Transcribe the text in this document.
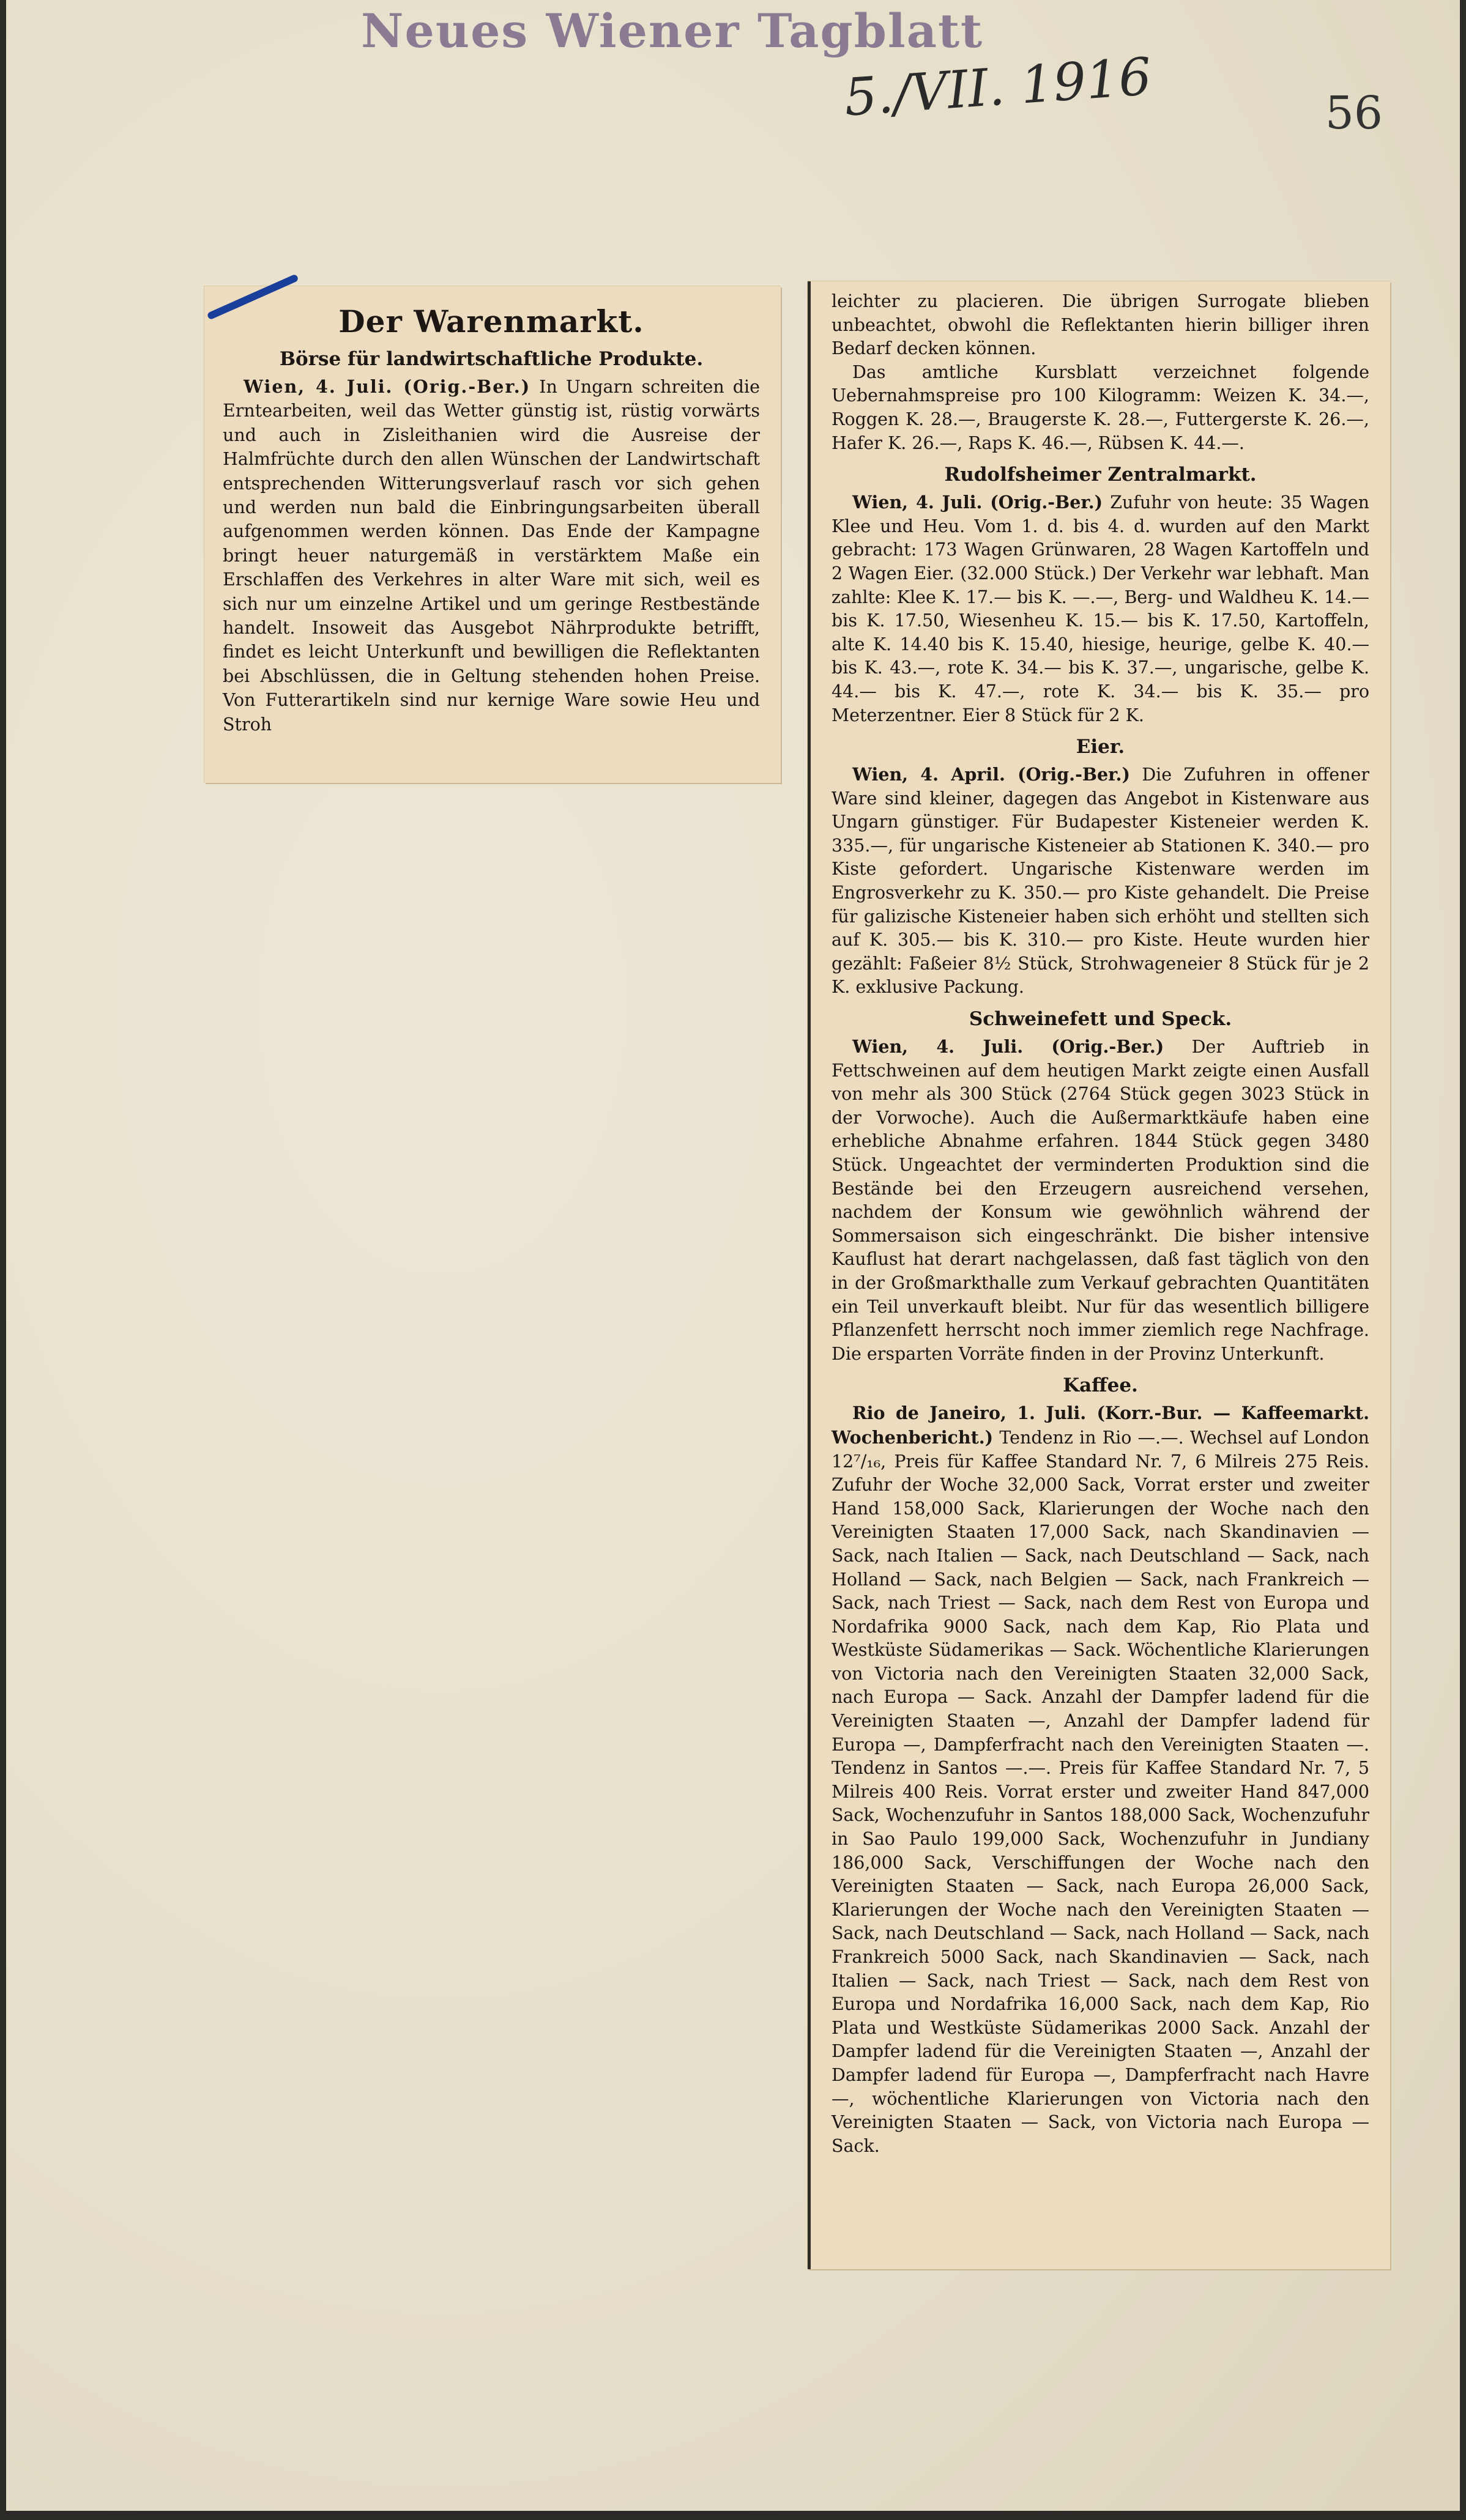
Neues Wiener Tagblatt
5./VII. 1916	56
Der Warenmarkt.
Börse für landwirtschaftliche Produkte.

Wien, 4. Juli. (Orig.-Ber.) In Ungarn schreiten die Erntearbeiten, weil das Wetter günstig ist, rüstig vorwärts und auch in Zisleithanien wird die Ausreise der Halmfrüchte durch den allen Wünschen der Landwirtschaft entsprechenden Witterungsverlauf rasch vor sich gehen und werden nun bald die Einbringungsarbeiten überall aufgenommen werden können. Das Ende der Kampagne bringt heuer naturgemäß in verstärktem Maße ein Erschlaffen des Verkehres in alter Ware mit sich, weil es sich nur um einzelne Artikel und um geringe Restbestände handelt. Insoweit das Ausgebot Nährprodukte betrifft, findet es leicht Unterkunft und bewilligen die Reflektanten bei Abschlüssen, die in Geltung stehenden hohen Preise. Von Futterartikeln sind nur kernige Ware sowie Heu und Stroh

leichter zu placieren. Die übrigen Surrogate blieben unbeachtet, obwohl die Reflektanten hierin billiger ihren Bedarf decken können.

Das amtliche Kursblatt verzeichnet folgende Uebernahmspreise pro 100 Kilogramm: Weizen K. 34.—, Roggen K. 28.—, Braugerste K. 28.—, Futtergerste K. 26.—, Hafer K. 26.—, Raps K. 46.—, Rübsen K. 44.—.

Rudolfsheimer Zentralmarkt.

Wien, 4. Juli. (Orig.-Ber.) Zufuhr von heute: 35 Wagen Klee und Heu. Vom 1. d. bis 4. d. wurden auf den Markt gebracht: 173 Wagen Grünwaren, 28 Wagen Kartoffeln und 2 Wagen Eier. (32.000 Stück.) Der Verkehr war lebhaft. Man zahlte: Klee K. 17.— bis K. —.—, Berg- und Waldheu K. 14.— bis K. 17.50, Wiesenheu K. 15.— bis K. 17.50, Kartoffeln, alte K. 14.40 bis K. 15.40, hiesige, heurige, gelbe K. 40.— bis K. 43.—, rote K. 34.— bis K. 37.—, ungarische, gelbe K. 44.— bis K. 47.—, rote K. 34.— bis K. 35.— pro Meterzentner. Eier 8 Stück für 2 K.

Eier.

Wien, 4. April. (Orig.-Ber.) Die Zufuhren in offener Ware sind kleiner, dagegen das Angebot in Kistenware aus Ungarn günstiger. Für Budapester Kisteneier werden K. 335.—, für ungarische Kisteneier ab Stationen K. 340.— pro Kiste gefordert. Ungarische Kistenware werden im Engrosverkehr zu K. 350.— pro Kiste gehandelt. Die Preise für galizische Kisteneier haben sich erhöht und stellten sich auf K. 305.— bis K. 310.— pro Kiste. Heute wurden hier gezählt: Faßeier 8½ Stück, Strohwageneier 8 Stück für je 2 K. exklusive Packung.

Schweinefett und Speck.

Wien, 4. Juli. (Orig.-Ber.) Der Auftrieb in Fettschweinen auf dem heutigen Markt zeigte einen Ausfall von mehr als 300 Stück (2764 Stück gegen 3023 Stück in der Vorwoche). Auch die Außermarktkäufe haben eine erhebliche Abnahme erfahren. 1844 Stück gegen 3480 Stück. Ungeachtet der verminderten Produktion sind die Bestände bei den Erzeugern ausreichend versehen, nachdem der Konsum wie gewöhnlich während der Sommersaison sich eingeschränkt. Die bisher intensive Kauflust hat derart nachgelassen, daß fast täglich von den in der Großmarkthalle zum Verkauf gebrachten Quantitäten ein Teil unverkauft bleibt. Nur für das wesentlich billigere Pflanzenfett herrscht noch immer ziemlich rege Nachfrage. Die ersparten Vorräte finden in der Provinz Unterkunft.

Kaffee.

Rio de Janeiro, 1. Juli. (Korr.-Bur. — Kaffeemarkt. Wochenbericht.) Tendenz in Rio —.—. Wechsel auf London 12⁷/₁₆, Preis für Kaffee Standard Nr. 7, 6 Milreis 275 Reis. Zufuhr der Woche 32,000 Sack, Vorrat erster und zweiter Hand 158,000 Sack, Klarierungen der Woche nach den Vereinigten Staaten 17,000 Sack, nach Skandinavien — Sack, nach Italien — Sack, nach Deutschland — Sack, nach Holland — Sack, nach Belgien — Sack, nach Frankreich — Sack, nach Triest — Sack, nach dem Rest von Europa und Nordafrika 9000 Sack, nach dem Kap, Rio Plata und Westküste Südamerikas — Sack. Wöchentliche Klarierungen von Victoria nach den Vereinigten Staaten 32,000 Sack, nach Europa — Sack. Anzahl der Dampfer ladend für die Vereinigten Staaten —, Anzahl der Dampfer ladend für Europa —, Dampferfracht nach den Vereinigten Staaten —. Tendenz in Santos —.—. Preis für Kaffee Standard Nr. 7, 5 Milreis 400 Reis. Vorrat erster und zweiter Hand 847,000 Sack, Wochenzufuhr in Santos 188,000 Sack, Wochenzufuhr in Sao Paulo 199,000 Sack, Wochenzufuhr in Jundiany 186,000 Sack, Verschiffungen der Woche nach den Vereinigten Staaten — Sack, nach Europa 26,000 Sack, Klarierungen der Woche nach den Vereinigten Staaten — Sack, nach Deutschland — Sack, nach Holland — Sack, nach Frankreich 5000 Sack, nach Skandinavien — Sack, nach Italien — Sack, nach Triest — Sack, nach dem Rest von Europa und Nordafrika 16,000 Sack, nach dem Kap, Rio Plata und Westküste Südamerikas 2000 Sack. Anzahl der Dampfer ladend für die Vereinigten Staaten —, Anzahl der Dampfer ladend für Europa —, Dampferfracht nach Havre —, wöchentliche Klarierungen von Victoria nach den Vereinigten Staaten — Sack, von Victoria nach Europa — Sack.
